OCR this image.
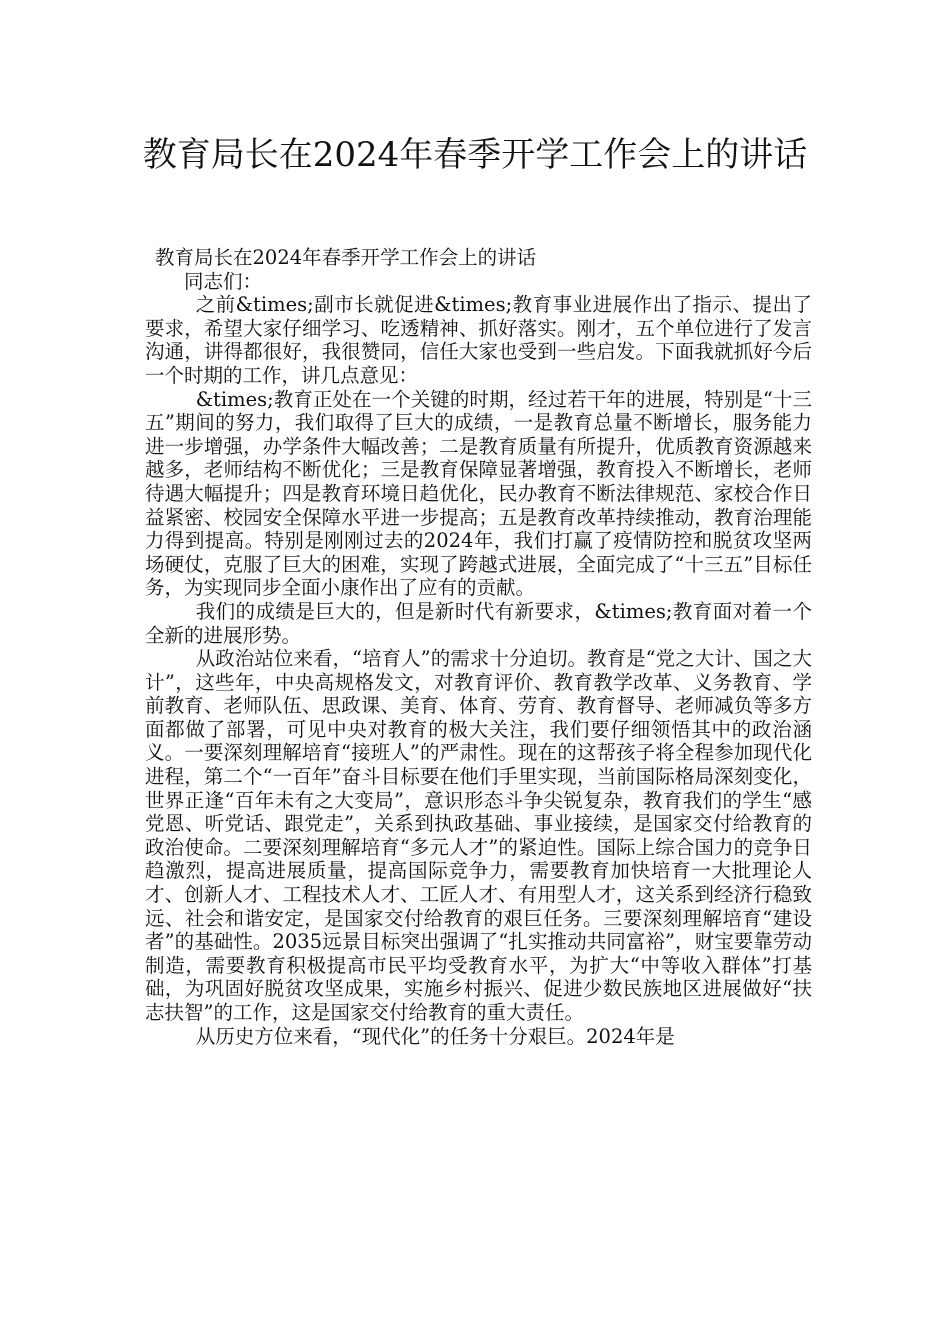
教育局长在2024年春季开学工作会上的讲话

教育局长在2024年春季开学工作会上的讲话

同志们：

之前&times;副市长就促进&times;教育事业进展作出了指示、提出了要求，希望大家仔细学习、吃透精神、抓好落实。刚才，五个单位进行了发言沟通，讲得都很好，我很赞同，信任大家也受到一些启发。下面我就抓好今后一个时期的工作，讲几点意见：

&times;教育正处在一个关键的时期，经过若干年的进展，特别是“十三五”期间的努力，我们取得了巨大的成绩，一是教育总量不断增长，服务能力进一步增强，办学条件大幅改善；二是教育质量有所提升，优质教育资源越来越多，老师结构不断优化；三是教育保障显著增强，教育投入不断增长，老师待遇大幅提升；四是教育环境日趋优化，民办教育不断法律规范、家校合作日益紧密、校园安全保障水平进一步提高；五是教育改革持续推动，教育治理能力得到提高。特别是刚刚过去的2024年，我们打赢了疫情防控和脱贫攻坚两场硬仗，克服了巨大的困难，实现了跨越式进展，全面完成了“十三五”目标任务，为实现同步全面小康作出了应有的贡献。

我们的成绩是巨大的，但是新时代有新要求，&times;教育面对着一个全新的进展形势。

从政治站位来看，“培育人”的需求十分迫切。教育是“党之大计、国之大计”，这些年，中央高规格发文，对教育评价、教育教学改革、义务教育、学前教育、老师队伍、思政课、美育、体育、劳育、教育督导、老师减负等多方面都做了部署，可见中央对教育的极大关注，我们要仔细领悟其中的政治涵义。一要深刻理解培育“接班人”的严肃性。现在的这帮孩子将全程参加现代化进程，第二个“一百年”奋斗目标要在他们手里实现，当前国际格局深刻变化，世界正逢“百年未有之大变局”，意识形态斗争尖锐复杂，教育我们的学生“感党恩、听党话、跟党走”，关系到执政基础、事业接续，是国家交付给教育的政治使命。二要深刻理解培育“多元人才”的紧迫性。国际上综合国力的竞争日趋激烈，提高进展质量，提高国际竞争力，需要教育加快培育一大批理论人才、创新人才、工程技术人才、工匠人才、有用型人才，这关系到经济行稳致远、社会和谐安定，是国家交付给教育的艰巨任务。三要深刻理解培育“建设者”的基础性。2035远景目标突出强调了“扎实推动共同富裕”，财宝要靠劳动制造，需要教育积极提高市民平均受教育水平，为扩大“中等收入群体”打基础，为巩固好脱贫攻坚成果，实施乡村振兴、促进少数民族地区进展做好“扶志扶智”的工作，这是国家交付给教育的重大责任。

从历史方位来看，“现代化”的任务十分艰巨。2024年是
